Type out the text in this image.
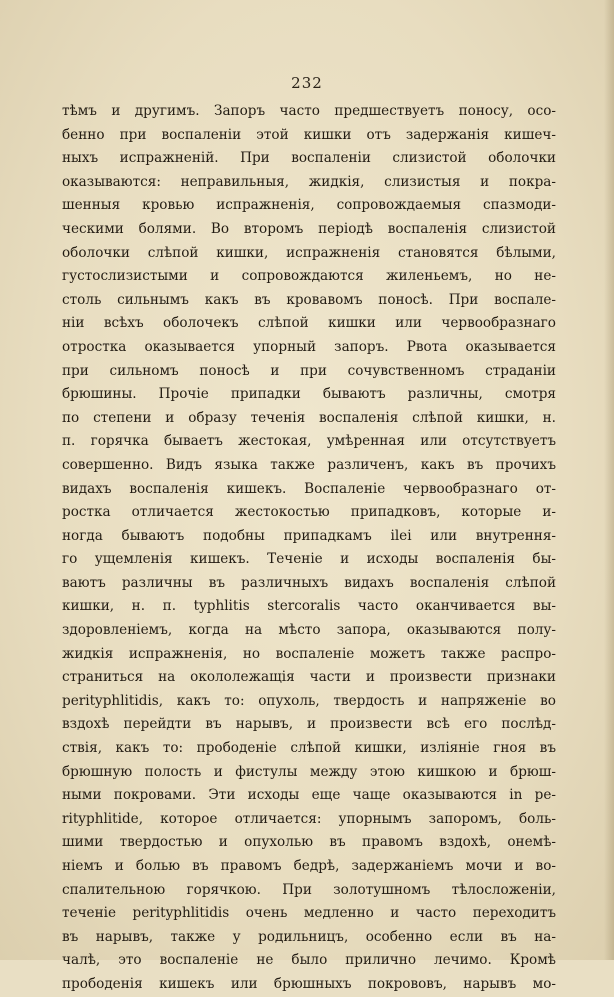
232
тѣмъ и другимъ. Запоръ часто предшествуетъ поносу, осо-
бенно при воспаленіи этой кишки отъ задержанія кишеч-
ныхъ испражненій. При воспаленіи слизистой оболочки
оказываются: неправильныя, жидкія, слизистыя и покра-
шенныя кровью испражненія, сопровождаемыя спазмоди-
ческими болями. Во второмъ періодѣ воспаленія слизистой
оболочки слѣпой кишки, испражненія становятся бѣлыми,
густослизистыми и сопровождаются жиленьемъ, но не-
столь сильнымъ какъ въ кровавомъ поносѣ. При воспале-
ніи всѣхъ оболочекъ слѣпой кишки или червообразнаго
отростка оказывается упорный запоръ. Рвота оказывается
при сильномъ поносѣ и при сочувственномъ страданіи
брюшины. Прочіе припадки бываютъ различны, смотря
по степени и образу теченія воспаленія слѣпой кишки, н.
п. горячка бываетъ жестокая, умѣренная или отсутствуетъ
совершенно. Видъ языка также различенъ, какъ въ прочихъ
видахъ воспаленія кишекъ. Воспаленіе червообразнаго от-
ростка отличается жестокостью припадковъ, которые и-
ногда бываютъ подобны припадкамъ ileі или внутрення-
го ущемленія кишекъ. Теченіе и исходы воспаленія бы-
ваютъ различны въ различныхъ видахъ воспаленія слѣпой
кишки, н. п. typhlitis stercoralis часто оканчивается вы-
здоровленіемъ, когда на мѣсто запора, оказываются полу-
жидкія испражненія, но воспаленіе можетъ также распро-
страниться на окололежащія части и произвести признаки
perityphlitidis, какъ то: опухоль, твердость и напряженіе во
вздохѣ перейдти въ нарывъ, и произвести всѣ его послѣд-
ствія, какъ то: прободеніе слѣпой кишки, изліяніе гноя въ
брюшную полость и фистулы между этою кишкою и брюш-
ными покровами. Эти исходы еще чаще оказываются in pe-
rityphlitide, которое отличается: упорнымъ запоромъ, боль-
шими твердостью и опухолью въ правомъ вздохѣ, онемѣ-
ніемъ и болью въ правомъ бедрѣ, задержаніемъ мочи и во-
спалительною горячкою. При золотушномъ тѣлосложеніи,
теченіе perityphlitidis очень медленно и часто переходитъ
въ нарывъ, также у родильницъ, особенно если въ на-
чалѣ, это воспаленіе не было прилично лечимо. Кромѣ
прободенія кишекъ или брюшныхъ покрововъ, нарывъ мо-
